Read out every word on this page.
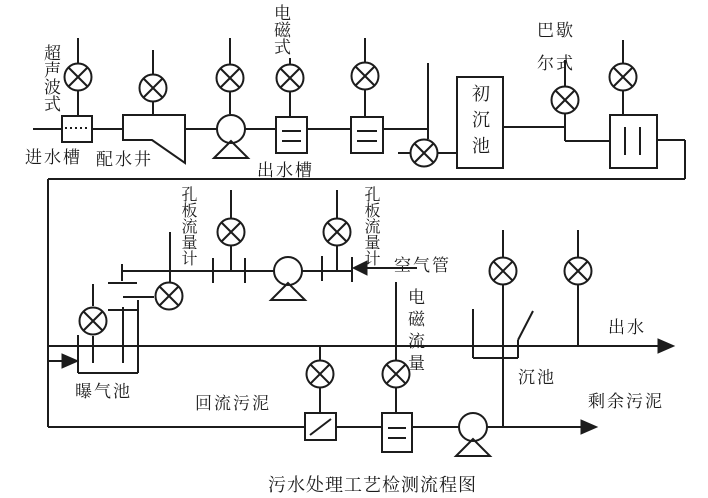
超声波式
进水槽 配水井
电磁式
出水槽
初沉池
巴歇尔式
孔板流量计	孔板流量计 空气管
电磁流量
曝气池
回流污泥
沉池
出水
剩余污泥
污水处理工艺检测流程图
